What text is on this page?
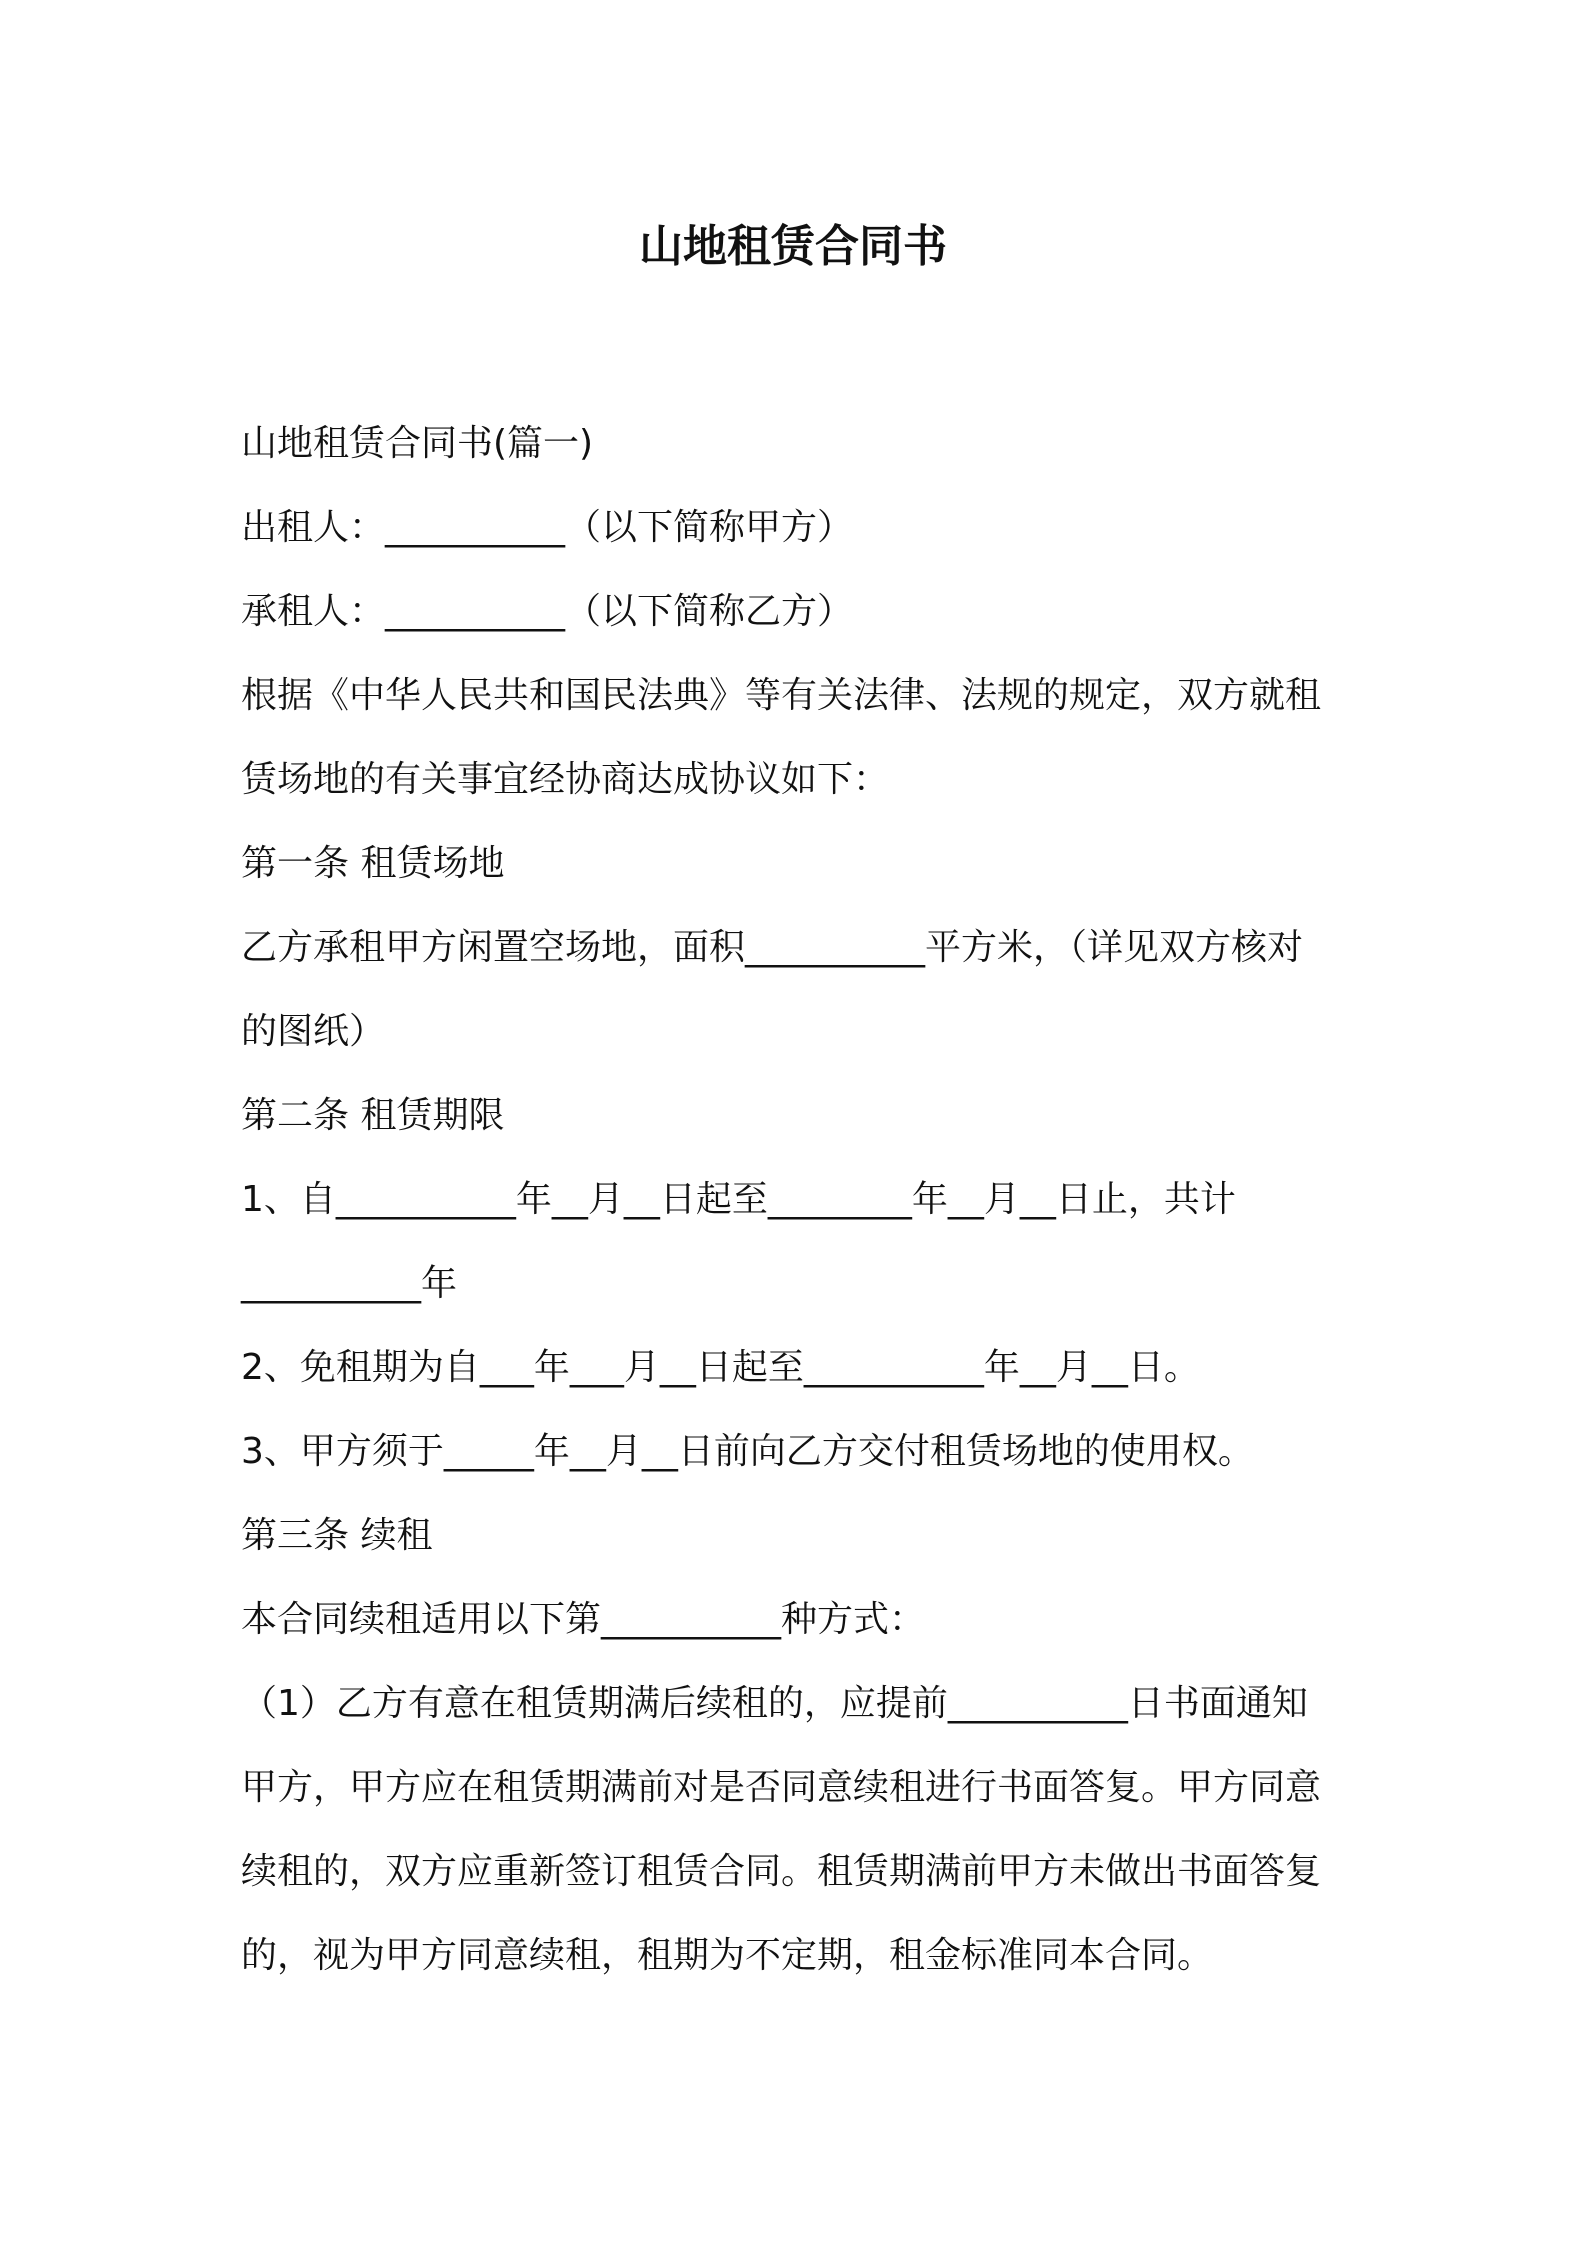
山地租赁合同书

山地租赁合同书(篇一)

出租人：__________（以下简称甲方）

承租人：__________（以下简称乙方）

根据《中华人民共和国民法典》等有关法律、法规的规定，双方就租

赁场地的有关事宜经协商达成协议如下：

第一条 租赁场地

乙方承租甲方闲置空场地，面积__________平方米，（详见双方核对

的图纸）

第二条 租赁期限

1、自__________年__月__日起至________年__月__日止，共计

__________年

2、免租期为自___年___月__日起至__________年__月__日。

3、甲方须于_____年__月__日前向乙方交付租赁场地的使用权。

第三条 续租

本合同续租适用以下第__________种方式：

（1）乙方有意在租赁期满后续租的，应提前__________日书面通知

甲方，甲方应在租赁期满前对是否同意续租进行书面答复。甲方同意

续租的，双方应重新签订租赁合同。租赁期满前甲方未做出书面答复

的，视为甲方同意续租，租期为不定期，租金标准同本合同。
